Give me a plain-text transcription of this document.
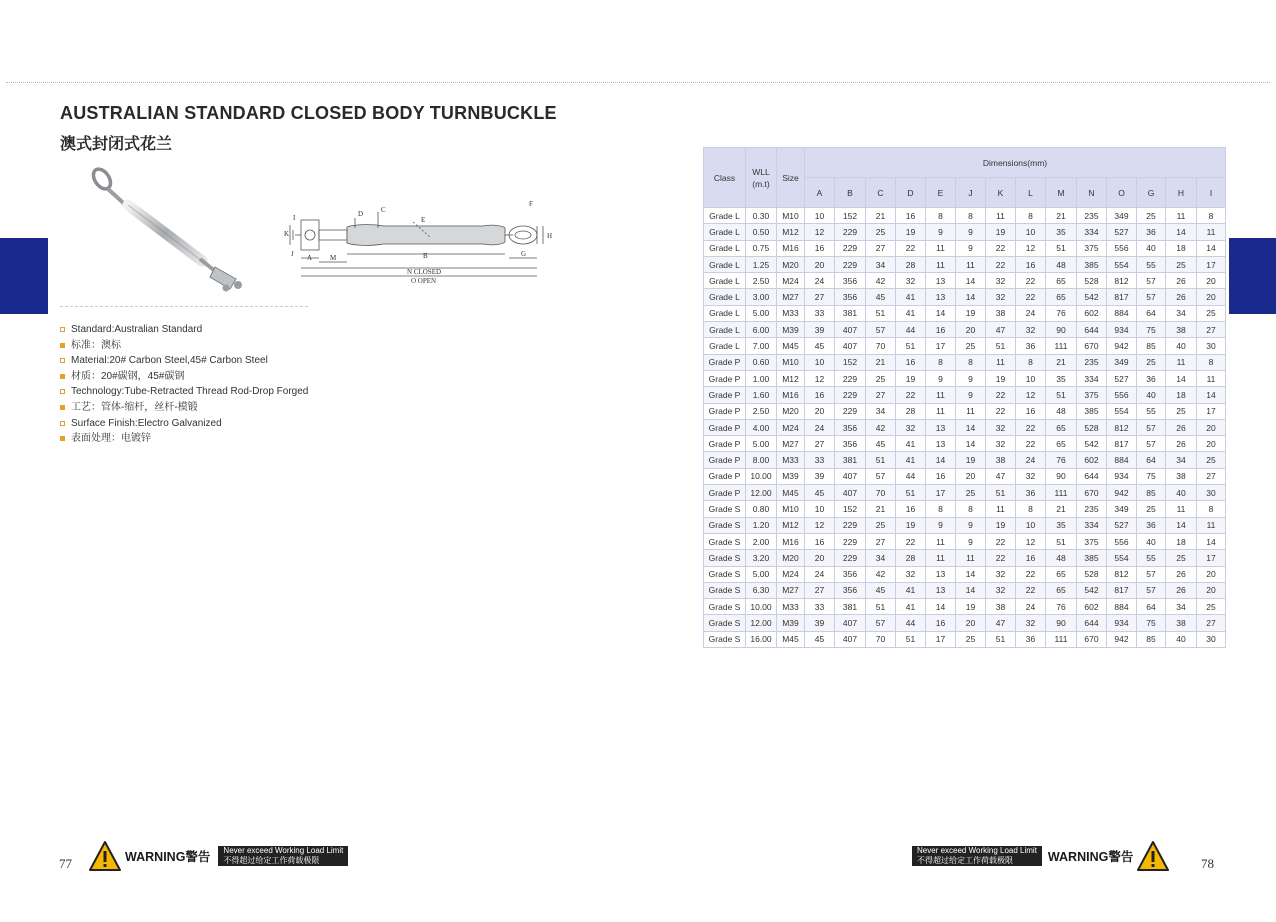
AUSTRALIAN STANDARD CLOSED BODY TURNBUCKLE
澳式封闭式花兰
K
I
J
D	C
E
F
H
A	M	B	G
N CLOSED
O OPEN
Standard:Australian Standard
标准：澳标
Material:20# Carbon Steel,45# Carbon Steel
材质：20#碳钢，45#碳钢
Technology:Tube-Retracted Thread Rod-Drop Forged
工艺：管体-缩杆，丝杆-模锻
Surface Finish:Electro Galvanized
表面处理：电镀锌
Class	WLL (m.t)	Size	Dimensions(mm)													
			A	B	C	D	E	J	K	L	M	N	O	G	H	I
Grade L	0.30	M10	10	152	21	16	8	8	11	8	21	235	349	25	11	8
Grade L	0.50	M12	12	229	25	19	9	9	19	10	35	334	527	36	14	11
Grade L	0.75	M16	16	229	27	22	11	9	22	12	51	375	556	40	18	14
Grade L	1.25	M20	20	229	34	28	11	11	22	16	48	385	554	55	25	17
Grade L	2.50	M24	24	356	42	32	13	14	32	22	65	528	812	57	26	20
Grade L	3.00	M27	27	356	45	41	13	14	32	22	65	542	817	57	26	20
Grade L	5.00	M33	33	381	51	41	14	19	38	24	76	602	884	64	34	25
Grade L	6.00	M39	39	407	57	44	16	20	47	32	90	644	934	75	38	27
Grade L	7.00	M45	45	407	70	51	17	25	51	36	111	670	942	85	40	30
Grade P	0.60	M10	10	152	21	16	8	8	11	8	21	235	349	25	11	8
Grade P	1.00	M12	12	229	25	19	9	9	19	10	35	334	527	36	14	11
Grade P	1.60	M16	16	229	27	22	11	9	22	12	51	375	556	40	18	14
Grade P	2.50	M20	20	229	34	28	11	11	22	16	48	385	554	55	25	17
Grade P	4.00	M24	24	356	42	32	13	14	32	22	65	528	812	57	26	20
Grade P	5.00	M27	27	356	45	41	13	14	32	22	65	542	817	57	26	20
Grade P	8.00	M33	33	381	51	41	14	19	38	24	76	602	884	64	34	25
Grade P	10.00	M39	39	407	57	44	16	20	47	32	90	644	934	75	38	27
Grade P	12.00	M45	45	407	70	51	17	25	51	36	111	670	942	85	40	30
Grade S	0.80	M10	10	152	21	16	8	8	11	8	21	235	349	25	11	8
Grade S	1.20	M12	12	229	25	19	9	9	19	10	35	334	527	36	14	11
Grade S	2.00	M16	16	229	27	22	11	9	22	12	51	375	556	40	18	14
Grade S	3.20	M20	20	229	34	28	11	11	22	16	48	385	554	55	25	17
Grade S	5.00	M24	24	356	42	32	13	14	32	22	65	528	812	57	26	20
Grade S	6.30	M27	27	356	45	41	13	14	32	22	65	542	817	57	26	20
Grade S	10.00	M33	33	381	51	41	14	19	38	24	76	602	884	64	34	25
Grade S	12.00	M39	39	407	57	44	16	20	47	32	90	644	934	75	38	27
Grade S	16.00	M45	45	407	70	51	17	25	51	36	111	670	942	85	40	30
77	78
WARNING警告 Never exceed Working Load Limit
不得超过给定工作荷载极限
Never exceed Working Load Limit
不得超过给定工作荷载极限	WARNING警告
